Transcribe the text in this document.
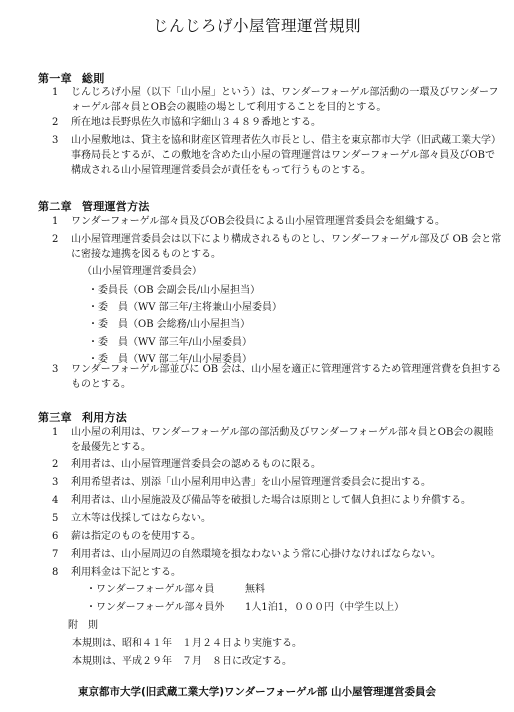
じんじろげ小屋管理運営規則
第一章 総則
1	じんじろげ小屋（以下「山小屋」という）は、ワンダーフォーゲル部活動の一環及びワンダーフォーゲル部々員とOB会の親睦の場として利用することを目的とする。
2	所在地は長野県佐久市協和字細山３４８９番地とする。
3	山小屋敷地は、貸主を協和財産区管理者佐久市長とし、借主を東京都市大学（旧武蔵工業大学）事務局長とするが、この敷地を含めた山小屋の管理運営はワンダーフォーゲル部々員及びOBで構成される山小屋管理運営委員会が責任をもって行うものとする。
第二章 管理運営方法
1	ワンダーフォーゲル部々員及びOB会役員による山小屋管理運営委員会を組織する。
2	山小屋管理運営委員会は以下により構成されるものとし、ワンダーフォーゲル部及び OB 会と常に密接な連携を図るものとする。
（山小屋管理運営委員会）
・委員長（OB 会副会長/山小屋担当）
・委　員（WV 部三年/主将兼山小屋委員）
・委　員（OB 会総務/山小屋担当）
・委　員（WV 部三年/山小屋委員）
・委　員（WV 部二年/山小屋委員）
3	ワンダーフォーゲル部並びに OB 会は、山小屋を適正に管理運営するため管理運営費を負担するものとする。
第三章 利用方法
1	山小屋の利用は、ワンダーフォーゲル部の部活動及びワンダーフォーゲル部々員とOB会の親睦を最優先とする。
2	利用者は、山小屋管理運営委員会の認めるものに限る。
3	利用希望者は、別添「山小屋利用申込書」を山小屋管理運営委員会に提出する。
4	利用者は、山小屋施設及び備品等を破損した場合は原則として個人負担により弁償する。
5	立木等は伐採してはならない。
6	薪は指定のものを使用する。
7	利用者は、山小屋周辺の自然環境を損なわないよう常に心掛けなければならない。
8	利用料金は下記とする。
・ワンダーフォーゲル部々員	無料
・ワンダーフォーゲル部々員外 1人1泊1，０００円（中学生以上）
附　則
本規則は、昭和４１年　１月２４日より実施する。
本規則は、平成２９年　７月　８日に改定する。
東京都市大学(旧武蔵工業大学)ワンダーフォーゲル部 山小屋管理運営委員会
